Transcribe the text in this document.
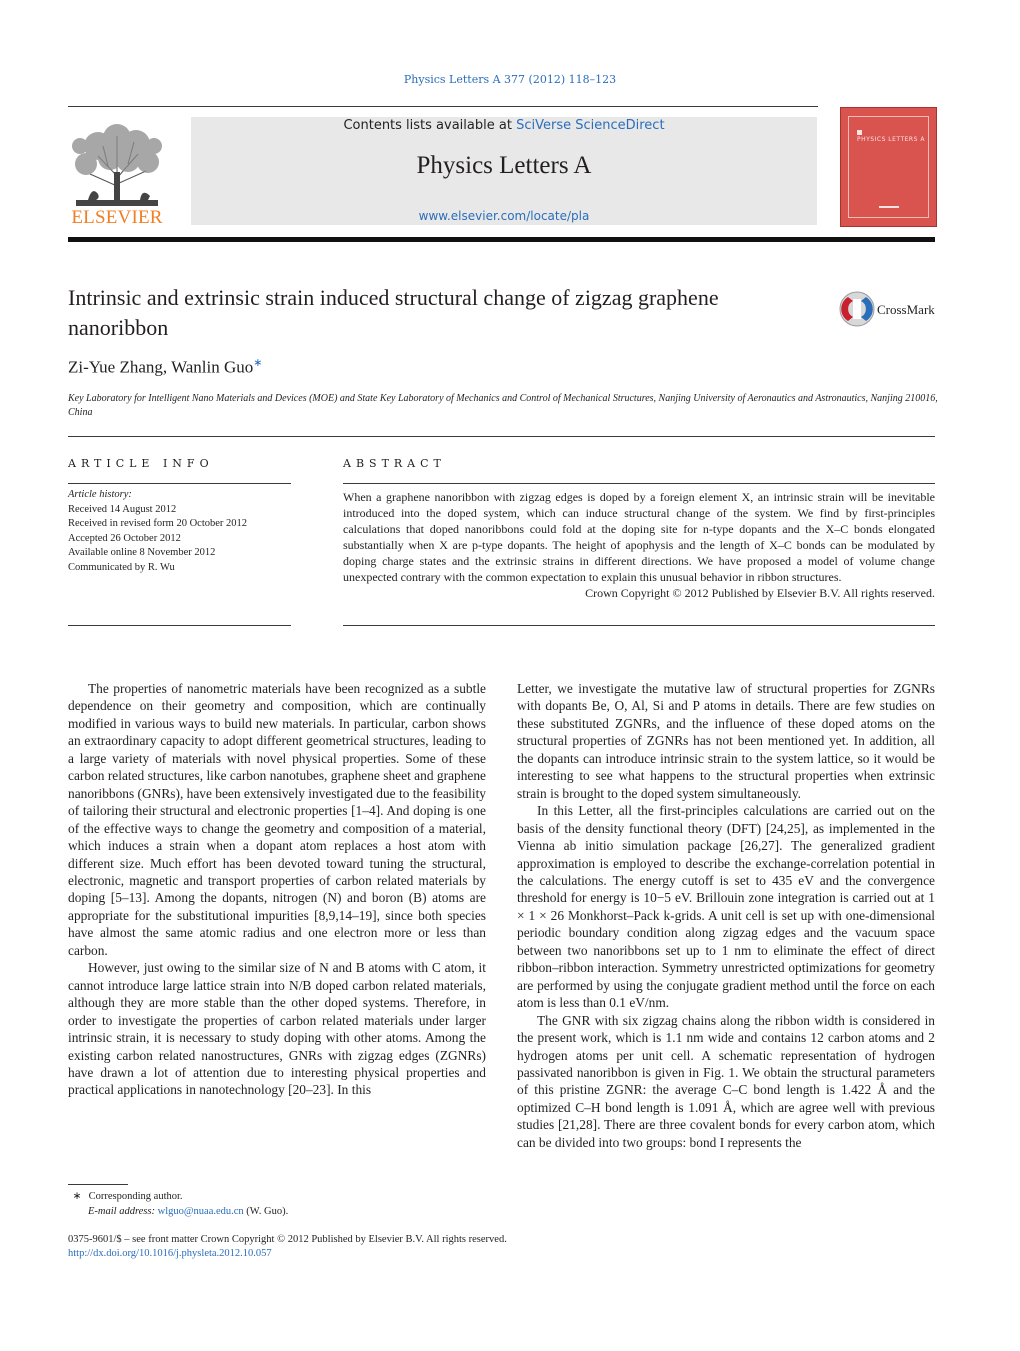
Physics Letters A 377 (2012) 118–123
ELSEVIER
Contents lists available at SciVerse ScienceDirect
Physics Letters A
www.elsevier.com/locate/pla
PHYSICS LETTERS A
Intrinsic and extrinsic strain induced structural change of zigzag graphene nanoribbon
CrossMark
Zi-Yue Zhang, Wanlin Guo∗
Key Laboratory for Intelligent Nano Materials and Devices (MOE) and State Key Laboratory of Mechanics and Control of Mechanical Structures, Nanjing University of Aeronautics and Astronautics, Nanjing 210016, China
ARTICLE INFO
Article history:
Received 14 August 2012
Received in revised form 20 October 2012
Accepted 26 October 2012
Available online 8 November 2012
Communicated by R. Wu
ABSTRACT
When a graphene nanoribbon with zigzag edges is doped by a foreign element X, an intrinsic strain will be inevitable introduced into the doped system, which can induce structural change of the system. We find by first-principles calculations that doped nanoribbons could fold at the doping site for n-type dopants and the X–C bonds elongated substantially when X are p-type dopants. The height of apophysis and the length of X–C bonds can be modulated by doping charge states and the extrinsic strains in different directions. We have proposed a model of volume change unexpected contrary with the common expectation to explain this unusual behavior in ribbon structures.
Crown Copyright © 2012 Published by Elsevier B.V. All rights reserved.

The properties of nanometric materials have been recognized as a subtle dependence on their geometry and composition, which are continually modified in various ways to build new materials. In particular, carbon shows an extraordinary capacity to adopt different geometrical structures, leading to a large variety of materials with novel physical properties. Some of these carbon related structures, like carbon nanotubes, graphene sheet and graphene nanoribbons (GNRs), have been extensively investigated due to the feasibility of tailoring their structural and electronic properties [1–4]. And doping is one of the effective ways to change the geometry and composition of a material, which induces a strain when a dopant atom replaces a host atom with different size. Much effort has been devoted toward tuning the structural, electronic, magnetic and transport properties of carbon related materials by doping [5–13]. Among the dopants, nitrogen (N) and boron (B) atoms are appropriate for the substitutional impurities [8,9,14–19], since both species have almost the same atomic radius and one electron more or less than carbon.

However, just owing to the similar size of N and B atoms with C atom, it cannot introduce large lattice strain into N/B doped carbon related materials, although they are more stable than the other doped systems. Therefore, in order to investigate the properties of carbon related materials under larger intrinsic strain, it is necessary to study doping with other atoms. Among the existing carbon related nanostructures, GNRs with zigzag edges (ZGNRs) have drawn a lot of attention due to interesting physical properties and practical applications in nanotechnology [20–23]. In this

Letter, we investigate the mutative law of structural properties for ZGNRs with dopants Be, O, Al, Si and P atoms in details. There are few studies on these substituted ZGNRs, and the influence of these doped atoms on the structural properties of ZGNRs has not been mentioned yet. In addition, all the dopants can introduce intrinsic strain to the system lattice, so it would be interesting to see what happens to the structural properties when extrinsic strain is brought to the doped system simultaneously.

In this Letter, all the first-principles calculations are carried out on the basis of the density functional theory (DFT) [24,25], as implemented in the Vienna ab initio simulation package [26,27]. The generalized gradient approximation is employed to describe the exchange-correlation potential in the calculations. The energy cutoff is set to 435 eV and the convergence threshold for energy is 10−5 eV. Brillouin zone integration is carried out at 1 × 1 × 26 Monkhorst–Pack k-grids. A unit cell is set up with one-dimensional periodic boundary condition along zigzag edges and the vacuum space between two nanoribbons set up to 1 nm to eliminate the effect of direct ribbon–ribbon interaction. Symmetry unrestricted optimizations for geometry are performed by using the conjugate gradient method until the force on each atom is less than 0.1 eV/nm.

The GNR with six zigzag chains along the ribbon width is considered in the present work, which is 1.1 nm wide and contains 12 carbon atoms and 2 hydrogen atoms per unit cell. A schematic representation of hydrogen passivated nanoribbon is given in Fig. 1. We obtain the structural parameters of this pristine ZGNR: the average C–C bond length is 1.422 Å and the optimized C–H bond length is 1.091 Å, which are agree well with previous studies [21,28]. There are three covalent bonds for every carbon atom, which can be divided into two groups: bond I represents the

∗ Corresponding author.
E-mail address: wlguo@nuaa.edu.cn (W. Guo).
0375-9601/$ – see front matter Crown Copyright © 2012 Published by Elsevier B.V. All rights reserved.
http://dx.doi.org/10.1016/j.physleta.2012.10.057
